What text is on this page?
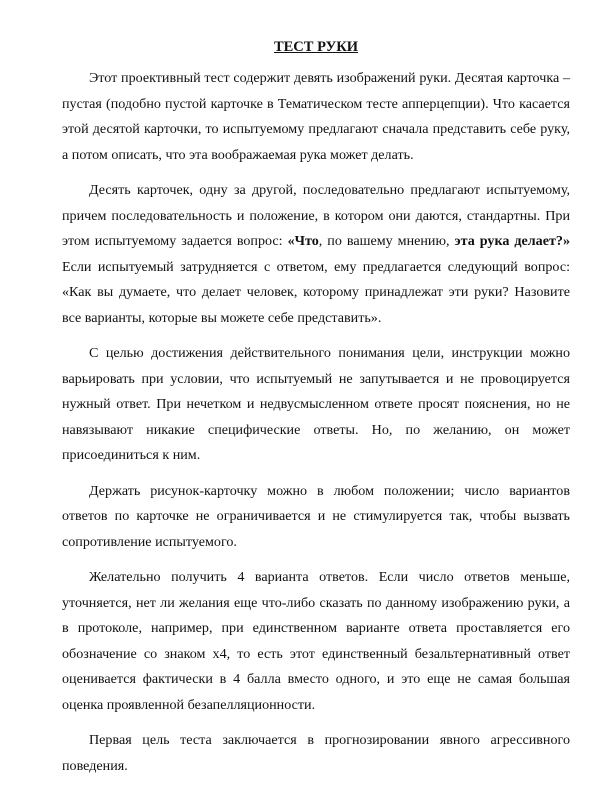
ТЕСТ РУКИ

Этот проективный тест содержит девять изображений руки. Десятая карточка – пустая (подобно пустой карточке в Тематическом тесте апперцепции). Что касается этой десятой карточки, то испытуемому предлагают сначала представить себе руку, а потом описать, что эта воображаемая рука может делать.

Десять карточек, одну за другой, последовательно предлагают испытуемому, причем последовательность и положение, в котором они даются, стандартны. При этом испытуемому задается вопрос: «Что, по вашему мнению, эта рука делает?» Если испытуемый затрудняется с ответом, ему предлагается следующий вопрос: «Как вы думаете, что делает человек, которому принадлежат эти руки? Назовите все варианты, которые вы можете себе представить».

С целью достижения действительного понимания цели, инструкции можно варьировать при условии, что испытуемый не запутывается и не провоцируется нужный ответ. При нечетком и недвусмысленном ответе просят пояснения, но не навязывают никакие специфические ответы. Но, по желанию, он может присоединиться к ним.

Держать рисунок-карточку можно в любом положении; число вариантов ответов по карточке не ограничивается и не стимулируется так, чтобы вызвать сопротивление испытуемого.

Желательно получить 4 варианта ответов. Если число ответов меньше, уточняется, нет ли желания еще что-либо сказать по данному изображению руки, а в протоколе, например, при единственном варианте ответа проставляется его обозначение со знаком х4, то есть этот единственный безальтернативный ответ оценивается фактически в 4 балла вместо одного, и это еще не самая большая оценка проявленной безапелляционности.

Первая цель теста заключается в прогнозировании явного агрессивного поведения.
